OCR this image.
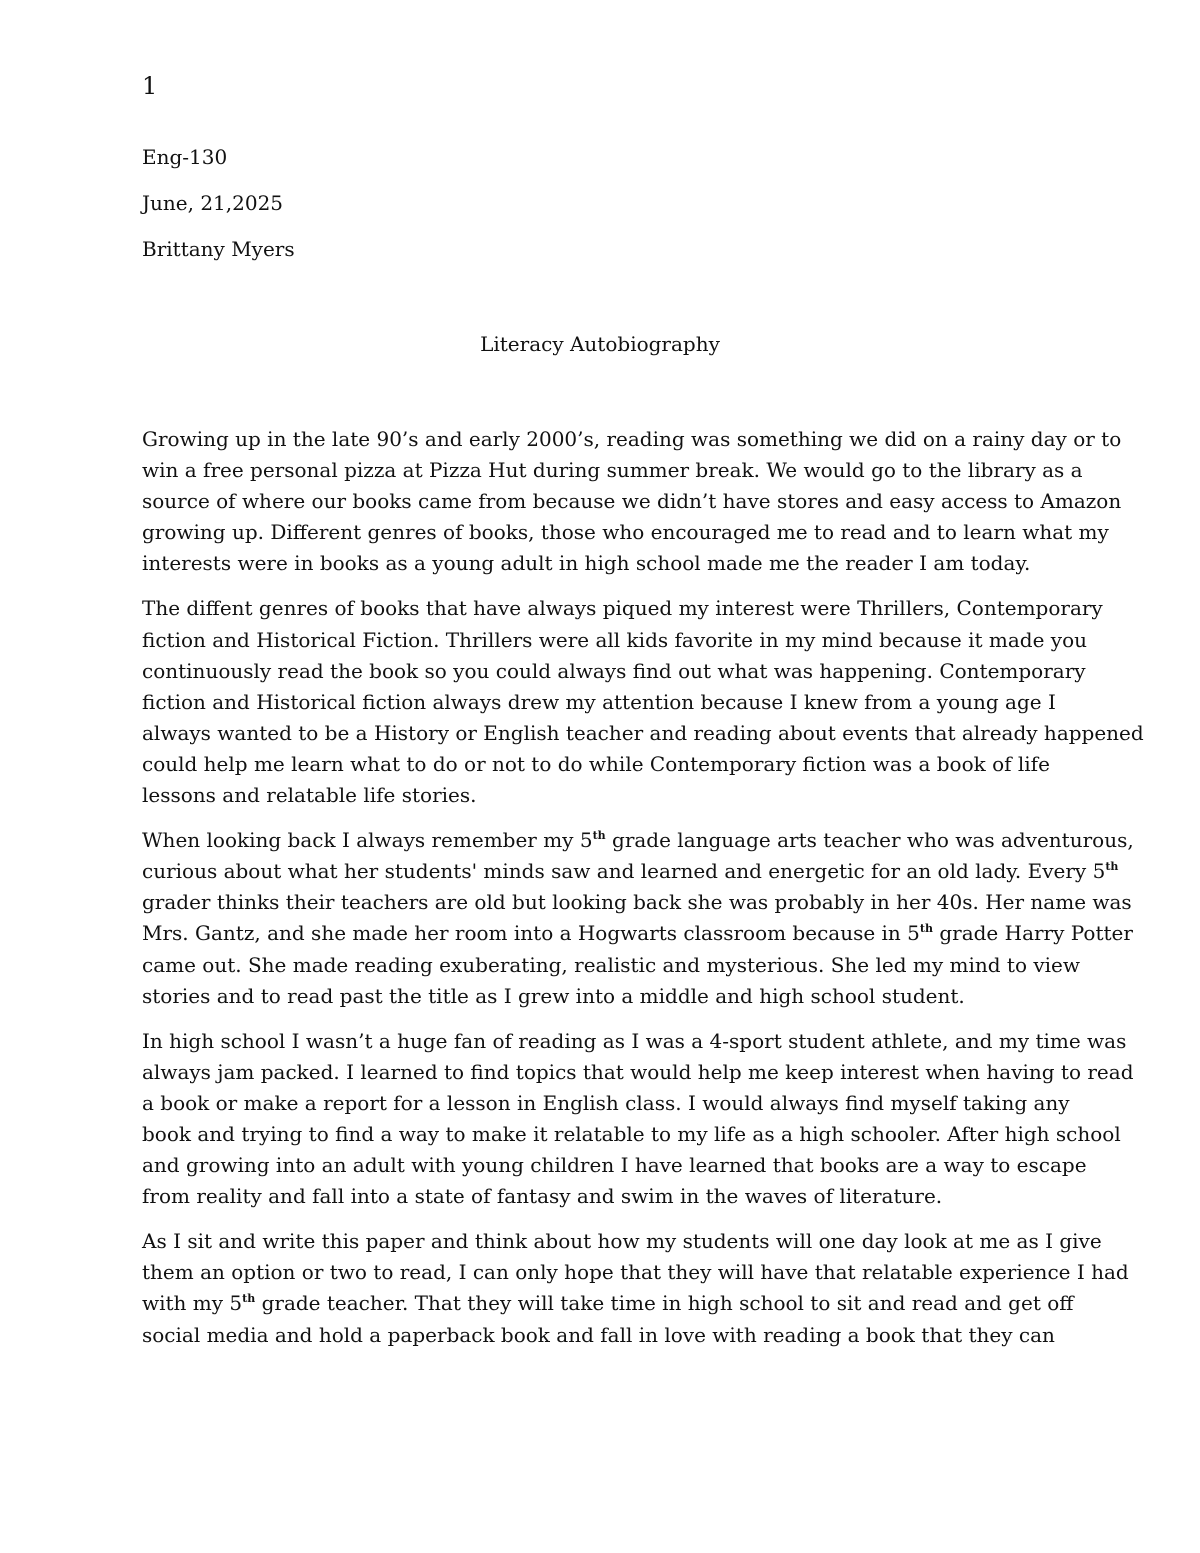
1
Eng-130
June, 21,2025
Brittany Myers
Literacy Autobiography
Growing up in the late 90’s and early 2000’s, reading was something we did on a rainy day or to
win a free personal pizza at Pizza Hut during summer break. We would go to the library as a
source of where our books came from because we didn’t have stores and easy access to Amazon
growing up. Different genres of books, those who encouraged me to read and to learn what my
interests were in books as a young adult in high school made me the reader I am today.
The diffent genres of books that have always piqued my interest were Thrillers, Contemporary
fiction and Historical Fiction. Thrillers were all kids favorite in my mind because it made you
continuously read the book so you could always find out what was happening. Contemporary
fiction and Historical fiction always drew my attention because I knew from a young age I
always wanted to be a History or English teacher and reading about events that already happened
could help me learn what to do or not to do while Contemporary fiction was a book of life
lessons and relatable life stories.
When looking back I always remember my 5th grade language arts teacher who was adventurous,
curious about what her students' minds saw and learned and energetic for an old lady. Every 5th
grader thinks their teachers are old but looking back she was probably in her 40s. Her name was
Mrs. Gantz, and she made her room into a Hogwarts classroom because in 5th grade Harry Potter
came out. She made reading exuberating, realistic and mysterious. She led my mind to view
stories and to read past the title as I grew into a middle and high school student.
In high school I wasn’t a huge fan of reading as I was a 4-sport student athlete, and my time was
always jam packed. I learned to find topics that would help me keep interest when having to read
a book or make a report for a lesson in English class. I would always find myself taking any
book and trying to find a way to make it relatable to my life as a high schooler. After high school
and growing into an adult with young children I have learned that books are a way to escape
from reality and fall into a state of fantasy and swim in the waves of literature.
As I sit and write this paper and think about how my students will one day look at me as I give
them an option or two to read, I can only hope that they will have that relatable experience I had
with my 5th grade teacher. That they will take time in high school to sit and read and get off
social media and hold a paperback book and fall in love with reading a book that they can
